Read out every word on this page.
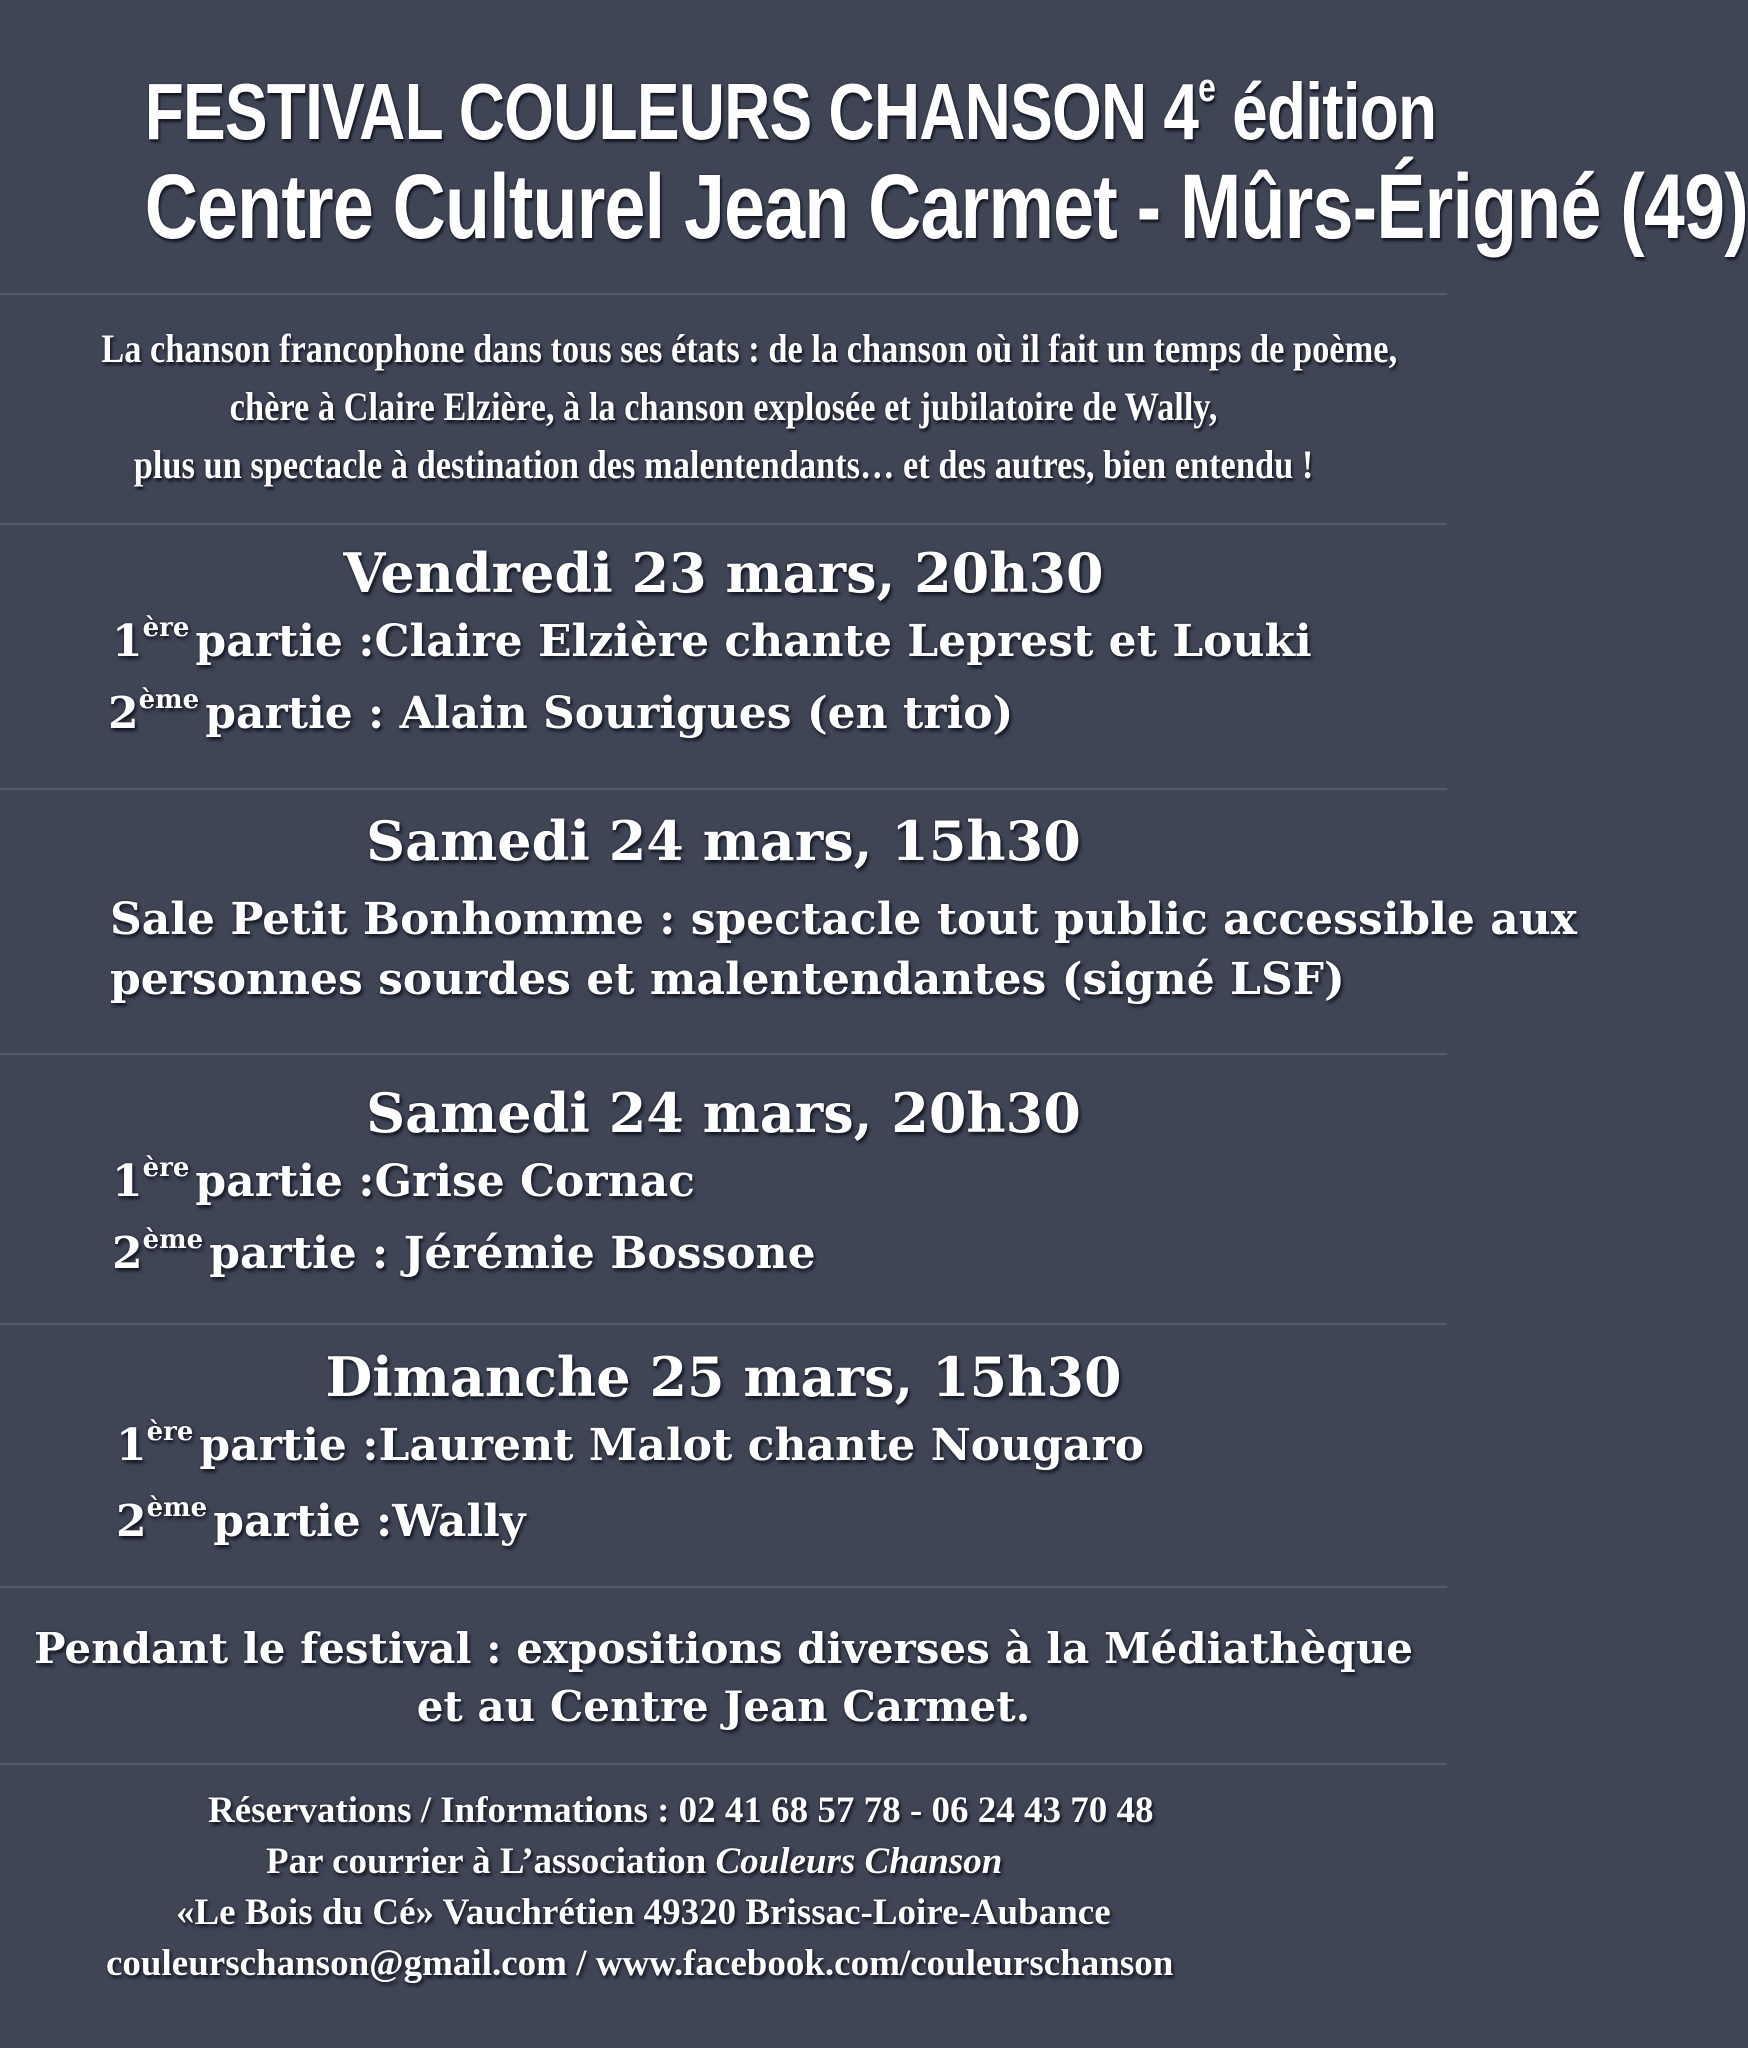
FESTIVAL COULEURS CHANSON 4e édition
Centre Culturel Jean Carmet - Mûrs-Érigné (49)
La chanson francophone dans tous ses états : de la chanson où il fait un temps de poème,
chère à Claire Elzière, à la chanson explosée et jubilatoire de Wally,
plus un spectacle à destination des malentendants… et des autres, bien entendu !
Vendredi 23 mars, 20h30
1ère partie :Claire Elzière chante Leprest et Louki
2ème partie : Alain Sourigues (en trio)
Samedi 24 mars, 15h30
Sale Petit Bonhomme : spectacle tout public accessible aux
personnes sourdes et malentendantes (signé LSF)
Samedi 24 mars, 20h30
1ère partie :Grise Cornac
2ème partie : Jérémie Bossone
Dimanche 25 mars, 15h30
1ère partie :Laurent Malot chante Nougaro
2ème partie :Wally
Pendant le festival : expositions diverses à la Médiathèque
et au Centre Jean Carmet.
Réservations / Informations : 02 41 68 57 78 - 06 24 43 70 48
Par courrier à L’association Couleurs Chanson
«Le Bois du Cé» Vauchrétien 49320 Brissac-Loire-Aubance
couleurschanson@gmail.com / www.facebook.com/couleurschanson
